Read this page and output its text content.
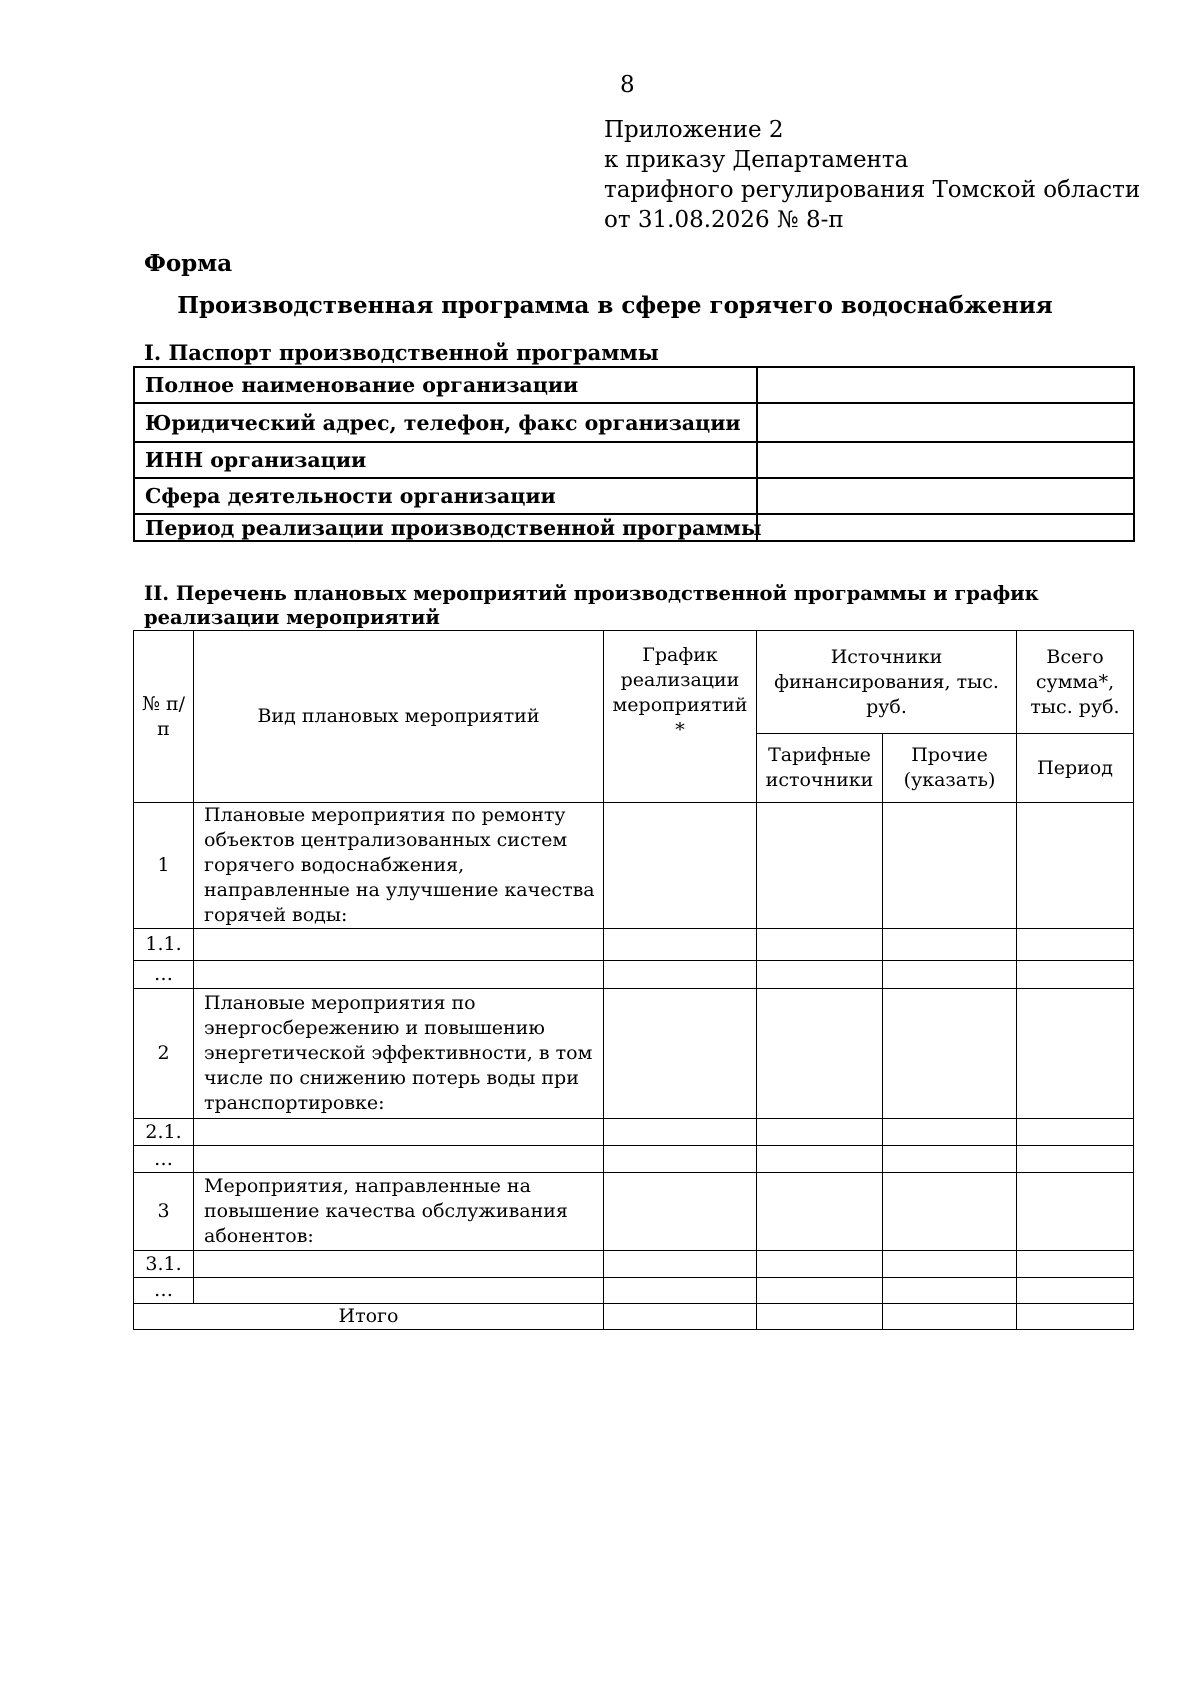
8
Приложение 2
к приказу Департамента
тарифного регулирования Томской области
от 31.08.2026 № 8-п
Форма
Производственная программа в сфере горячего водоснабжения
I. Паспорт производственной программы
Полное наименование организации	
Юридический адрес, телефон, факс организации	
ИНН организации	
Сфера деятельности организации	
Период реализации производственной программы	
II. Перечень плановых мероприятий производственной программы и график реализации мероприятий
№ п/п	Вид плановых мероприятий	График реализации мероприятий *	Источники финансирования, тыс. руб.		Всего сумма*, тыс. руб.
			Тарифные источники	Прочие (указать)	Период
1	Плановые мероприятия по ремонту объектов централизованных систем горячего водоснабжения, направленные на улучшение качества горячей воды:				
1.1.					
…					
2	Плановые мероприятия по энергосбережению и повышению энергетической эффективности, в том числе по снижению потерь воды при транспортировке:				
2.1.					
…					
3	Мероприятия, направленные на повышение качества обслуживания абонентов:				
3.1.					
…					
Итого					
